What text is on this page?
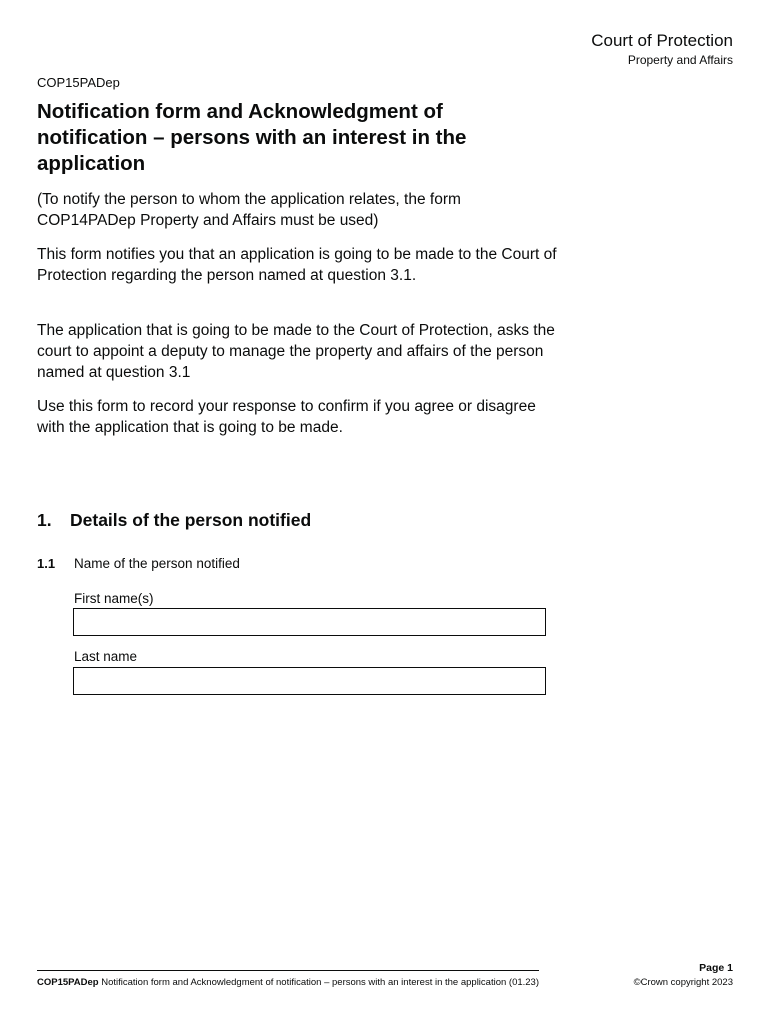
Court of Protection
Property and Affairs
COP15PADep
Notification form and Acknowledgment of notification – persons with an interest in the application

(To notify the person to whom the application relates, the form COP14PADep Property and Affairs must be used)

This form notifies you that an application is going to be made to the Court of Protection regarding the person named at question 3.1.

The application that is going to be made to the Court of Protection, asks the court to appoint a deputy to manage the property and affairs of the person named at question 3.1

Use this form to record your response to confirm if you agree or disagree with the application that is going to be made.

1. Details of the person notified
1.1 Name of the person notified
First name(s)
Last name
Page 1
COP15PADep Notification form and Acknowledgment of notification – persons with an interest in the application (01.23)	©Crown copyright 2023
